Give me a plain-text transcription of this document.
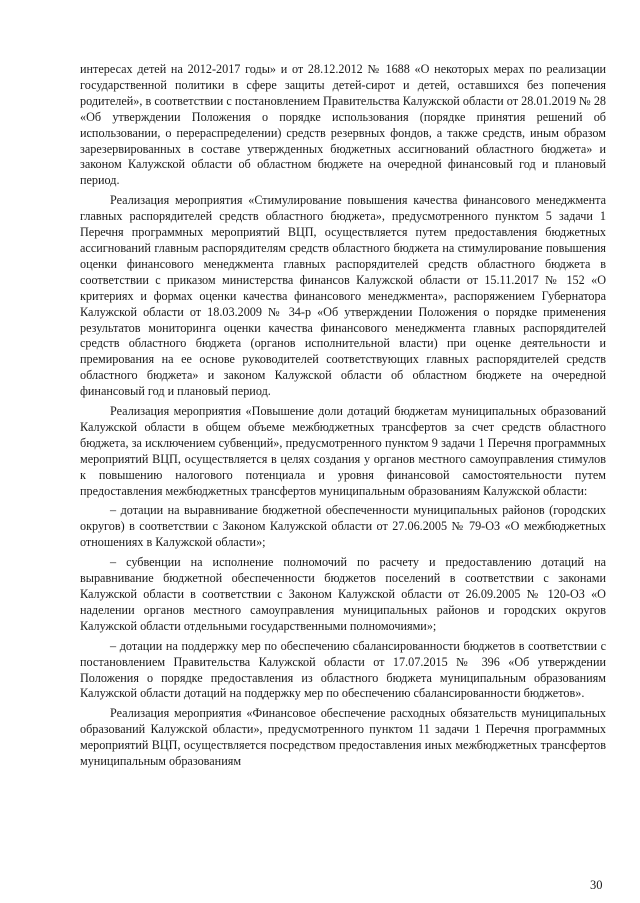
интересах детей на 2012-2017 годы» и от 28.12.2012 № 1688 «О некоторых мерах по реализации государственной политики в сфере защиты детей-сирот и детей, оставшихся без попечения родителей», в соответствии с постановлением Правительства Калужской области от 28.01.2019 № 28 «Об утверждении Положения о порядке использования (порядке принятия решений об использовании, о перераспределении) средств резервных фондов, а также средств, иным образом зарезервированных в составе утвержденных бюджетных ассигнований областного бюджета» и законом Калужской области об областном бюджете на очередной финансовый год и плановый период.

Реализация мероприятия «Стимулирование повышения качества финансового менеджмента главных распорядителей средств областного бюджета», предусмотренного пунктом 5 задачи 1 Перечня программных мероприятий ВЦП, осуществляется путем предоставления бюджетных ассигнований главным распорядителям средств областного бюджета на стимулирование повышения оценки финансового менеджмента главных распорядителей средств областного бюджета в соответствии с приказом министерства финансов Калужской области от 15.11.2017 № 152 «О критериях и формах оценки качества финансового менеджмента», распоряжением Губернатора Калужской области от 18.03.2009 № 34-р «Об утверждении Положения о порядке применения результатов мониторинга оценки качества финансового менеджмента главных распорядителей средств областного бюджета (органов исполнительной власти) при оценке деятельности и премирования на ее основе руководителей соответствующих главных распорядителей средств областного бюджета» и законом Калужской области об областном бюджете на очередной финансовый год и плановый период.

Реализация мероприятия «Повышение доли дотаций бюджетам муниципальных образований Калужской области в общем объеме межбюджетных трансфертов за счет средств областного бюджета, за исключением субвенций», предусмотренного пунктом 9 задачи 1 Перечня программных мероприятий ВЦП, осуществляется в целях создания у органов местного самоуправления стимулов к повышению налогового потенциала и уровня финансовой самостоятельности путем предоставления межбюджетных трансфертов муниципальным образованиям Калужской области:

– дотации на выравнивание бюджетной обеспеченности муниципальных районов (городских округов) в соответствии с Законом Калужской области от 27.06.2005 № 79-ОЗ «О межбюджетных отношениях в Калужской области»;

– субвенции на исполнение полномочий по расчету и предоставлению дотаций на выравнивание бюджетной обеспеченности бюджетов поселений в соответствии с законами Калужской области в соответствии с Законом Калужской области от 26.09.2005 № 120-ОЗ «О наделении органов местного самоуправления муниципальных районов и городских округов Калужской области отдельными государственными полномочиями»;

– дотации на поддержку мер по обеспечению сбалансированности бюджетов в соответствии с постановлением Правительства Калужской области от 17.07.2015 № 396 «Об утверждении Положения о порядке предоставления из областного бюджета муниципальным образованиям Калужской области дотаций на поддержку мер по обеспечению сбалансированности бюджетов».

Реализация мероприятия «Финансовое обеспечение расходных обязательств муниципальных образований Калужской области», предусмотренного пунктом 11 задачи 1 Перечня программных мероприятий ВЦП, осуществляется посредством предоставления иных межбюджетных трансфертов муниципальным образованиям

30
